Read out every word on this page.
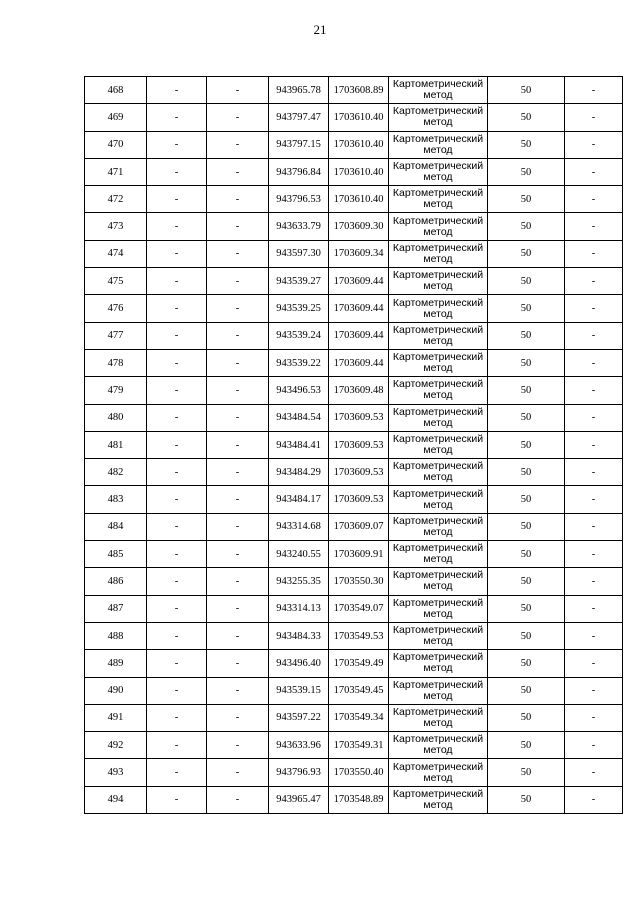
21
468	-	-	943965.78	1703608.89	Картометрический метод	50	-
469	-	-	943797.47	1703610.40	Картометрический метод	50	-
470	-	-	943797.15	1703610.40	Картометрический метод	50	-
471	-	-	943796.84	1703610.40	Картометрический метод	50	-
472	-	-	943796.53	1703610.40	Картометрический метод	50	-
473	-	-	943633.79	1703609.30	Картометрический метод	50	-
474	-	-	943597.30	1703609.34	Картометрический метод	50	-
475	-	-	943539.27	1703609.44	Картометрический метод	50	-
476	-	-	943539.25	1703609.44	Картометрический метод	50	-
477	-	-	943539.24	1703609.44	Картометрический метод	50	-
478	-	-	943539.22	1703609.44	Картометрический метод	50	-
479	-	-	943496.53	1703609.48	Картометрический метод	50	-
480	-	-	943484.54	1703609.53	Картометрический метод	50	-
481	-	-	943484.41	1703609.53	Картометрический метод	50	-
482	-	-	943484.29	1703609.53	Картометрический метод	50	-
483	-	-	943484.17	1703609.53	Картометрический метод	50	-
484	-	-	943314.68	1703609.07	Картометрический метод	50	-
485	-	-	943240.55	1703609.91	Картометрический метод	50	-
486	-	-	943255.35	1703550.30	Картометрический метод	50	-
487	-	-	943314.13	1703549.07	Картометрический метод	50	-
488	-	-	943484.33	1703549.53	Картометрический метод	50	-
489	-	-	943496.40	1703549.49	Картометрический метод	50	-
490	-	-	943539.15	1703549.45	Картометрический метод	50	-
491	-	-	943597.22	1703549.34	Картометрический метод	50	-
492	-	-	943633.96	1703549.31	Картометрический метод	50	-
493	-	-	943796.93	1703550.40	Картометрический метод	50	-
494	-	-	943965.47	1703548.89	Картометрический метод	50	-
